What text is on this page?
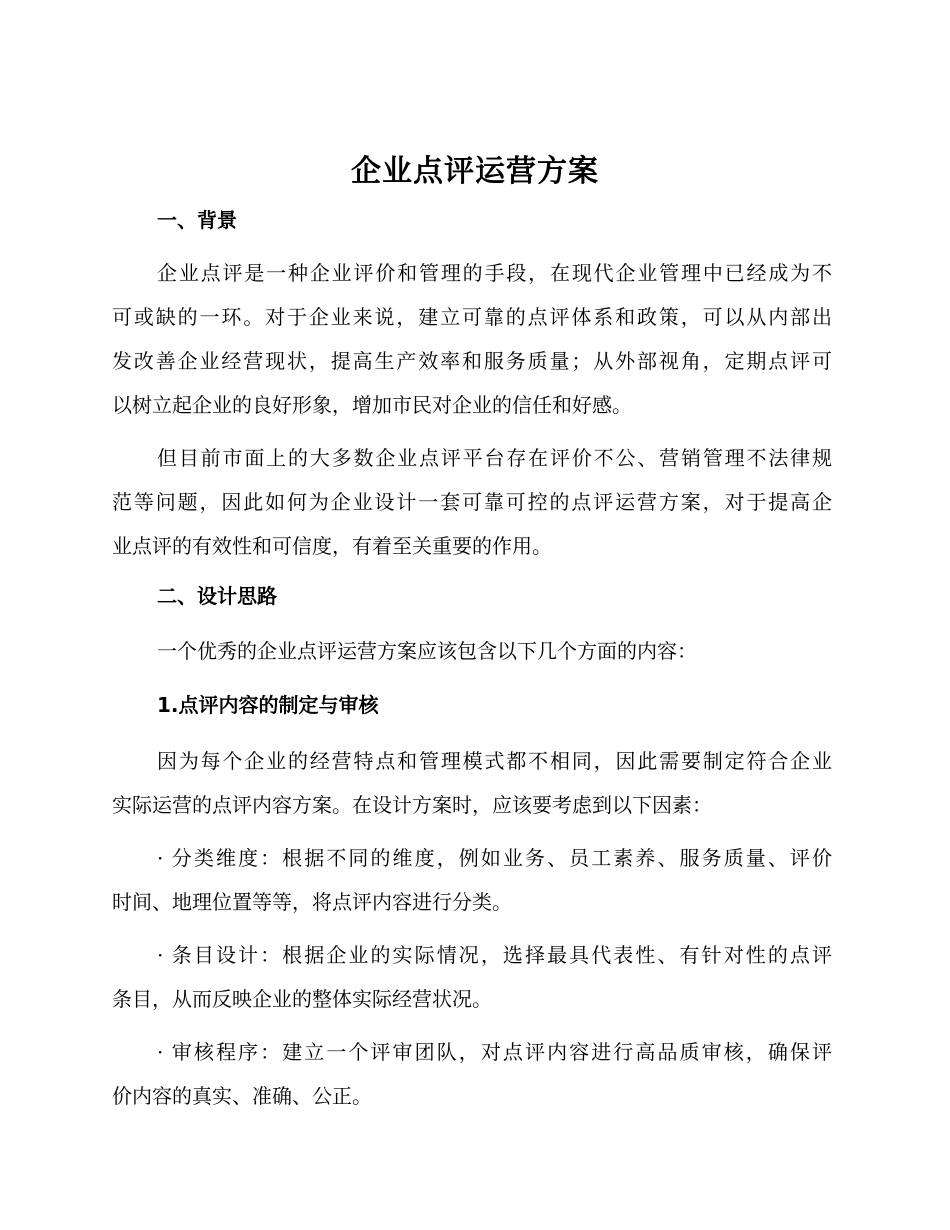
企业点评运营方案
一、背景
企业点评是一种企业评价和管理的手段，在现代企业管理中已经成为不
可或缺的一环。对于企业来说，建立可靠的点评体系和政策，可以从内部出
发改善企业经营现状，提高生产效率和服务质量；从外部视角，定期点评可
以树立起企业的良好形象，增加市民对企业的信任和好感。
但目前市面上的大多数企业点评平台存在评价不公、营销管理不法律规
范等问题，因此如何为企业设计一套可靠可控的点评运营方案，对于提高企
业点评的有效性和可信度，有着至关重要的作用。
二、设计思路
一个优秀的企业点评运营方案应该包含以下几个方面的内容：
1.点评内容的制定与审核
因为每个企业的经营特点和管理模式都不相同，因此需要制定符合企业
实际运营的点评内容方案。在设计方案时，应该要考虑到以下因素：
· 分类维度：根据不同的维度，例如业务、员工素养、服务质量、评价
时间、地理位置等等，将点评内容进行分类。
· 条目设计：根据企业的实际情况，选择最具代表性、有针对性的点评
条目，从而反映企业的整体实际经营状况。
· 审核程序：建立一个评审团队，对点评内容进行高品质审核，确保评
价内容的真实、准确、公正。
